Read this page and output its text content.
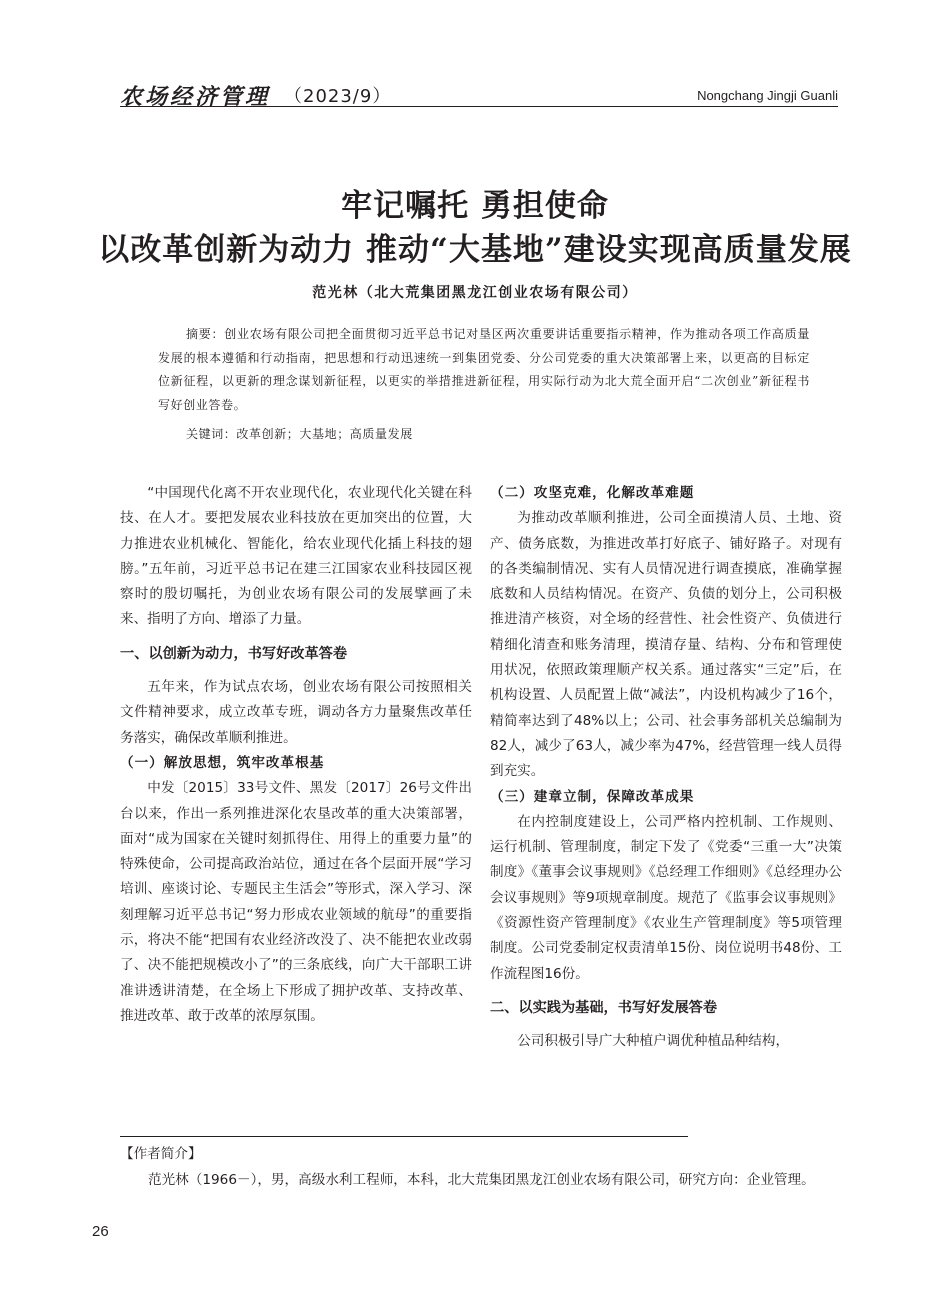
农场经济管理 （2023/9）	Nongchang Jingji Guanli
牢记嘱托 勇担使命
以改革创新为动力 推动“大基地”建设实现高质量发展
范光林（北大荒集团黑龙江创业农场有限公司）
摘要：创业农场有限公司把全面贯彻习近平总书记对垦区两次重要讲话重要指示精神，作为推动各项工作高质量发展的根本遵循和行动指南，把思想和行动迅速统一到集团党委、分公司党委的重大决策部署上来，以更高的目标定位新征程，以更新的理念谋划新征程，以更实的举措推进新征程，用实际行动为北大荒全面开启“二次创业”新征程书写好创业答卷。
关键词：改革创新；大基地；高质量发展

“中国现代化离不开农业现代化，农业现代化关键在科技、在人才。要把发展农业科技放在更加突出的位置，大力推进农业机械化、智能化，给农业现代化插上科技的翅膀。”五年前，习近平总书记在建三江国家农业科技园区视察时的殷切嘱托，为创业农场有限公司的发展擘画了未来、指明了方向、增添了力量。

一、以创新为动力，书写好改革答卷

五年来，作为试点农场，创业农场有限公司按照相关文件精神要求，成立改革专班，调动各方力量聚焦改革任务落实，确保改革顺利推进。

（一）解放思想，筑牢改革根基

中发〔2015〕33号文件、黑发〔2017〕26号文件出台以来，作出一系列推进深化农垦改革的重大决策部署，面对“成为国家在关键时刻抓得住、用得上的重要力量”的特殊使命，公司提高政治站位，通过在各个层面开展“学习培训、座谈讨论、专题民主生活会”等形式，深入学习、深刻理解习近平总书记“努力形成农业领域的航母”的重要指示，将决不能“把国有农业经济改没了、决不能把农业改弱了、决不能把规模改小了”的三条底线，向广大干部职工讲准讲透讲清楚，在全场上下形成了拥护改革、支持改革、推进改革、敢于改革的浓厚氛围。

（二）攻坚克难，化解改革难题

为推动改革顺利推进，公司全面摸清人员、土地、资产、债务底数，为推进改革打好底子、铺好路子。对现有的各类编制情况、实有人员情况进行调查摸底，准确掌握底数和人员结构情况。在资产、负债的划分上，公司积极推进清产核资，对全场的经营性、社会性资产、负债进行精细化清查和账务清理，摸清存量、结构、分布和管理使用状况，依照政策理顺产权关系。通过落实“三定”后，在机构设置、人员配置上做“减法”，内设机构减少了16个，精简率达到了48%以上；公司、社会事务部机关总编制为82人，减少了63人，减少率为47%，经营管理一线人员得到充实。

（三）建章立制，保障改革成果

在内控制度建设上，公司严格内控机制、工作规则、运行机制、管理制度，制定下发了《党委“三重一大”决策制度》《董事会议事规则》《总经理工作细则》《总经理办公会议事规则》等9项规章制度。规范了《监事会议事规则》《资源性资产管理制度》《农业生产管理制度》等5项管理制度。公司党委制定权责清单15份、岗位说明书48份、工作流程图16份。

二、以实践为基础，书写好发展答卷

公司积极引导广大种植户调优种植品种结构，

【作者简介】
范光林（1966－），男，高级水利工程师，本科，北大荒集团黑龙江创业农场有限公司，研究方向：企业管理。
26
